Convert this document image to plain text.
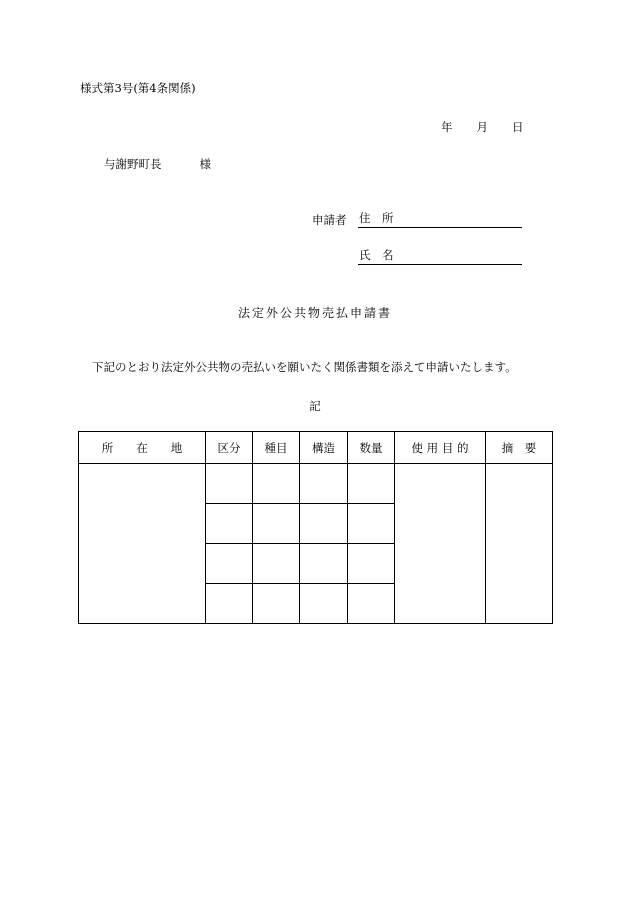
様式第3号(第4条関係)
年 月 日
与謝野町長	様
申請者 住　所
氏　名
法定外公共物売払申請書
下記のとおり法定外公共物の売払いを願いたく関係書類を添えて申請いたします。
記
所　　在　　地	区分	種目	構造	数量	使 用 目 的	摘　要
